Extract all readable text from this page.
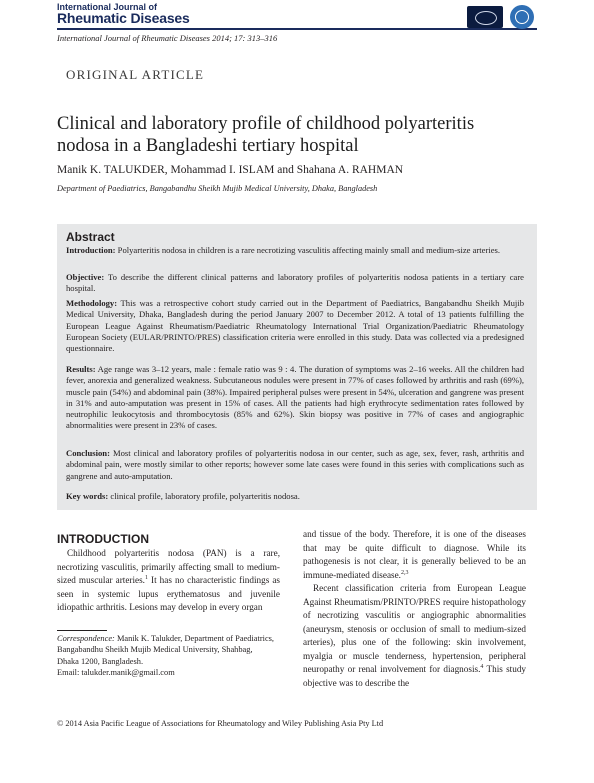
International Journal of
Rheumatic Diseases
International Journal of Rheumatic Diseases 2014; 17: 313–316
ORIGINAL ARTICLE
Clinical and laboratory profile of childhood polyarteritis
nodosa in a Bangladeshi tertiary hospital
Manik K. TALUKDER, Mohammad I. ISLAM and Shahana A. RAHMAN
Department of Paediatrics, Bangabandhu Sheikh Mujib Medical University, Dhaka, Bangladesh
Abstract
Introduction: Polyarteritis nodosa in children is a rare necrotizing vasculitis affecting mainly small and medium-size arteries.
Objective: To describe the different clinical patterns and laboratory profiles of polyarteritis nodosa patients in a tertiary care hospital.
Methodology: This was a retrospective cohort study carried out in the Department of Paediatrics, Bangabandhu Sheikh Mujib Medical University, Dhaka, Bangladesh during the period January 2007 to December 2012. A total of 13 patients fulfilling the European League Against Rheumatism/Paediatric Rheumatology International Trial Organization/Paediatric Rheumatology European Society (EULAR/PRINTO/PRES) classification criteria were enrolled in this study. Data was collected via a predesigned questionnaire.
Results: Age range was 3–12 years, male : female ratio was 9 : 4. The duration of symptoms was 2–16 weeks. All the children had fever, anorexia and generalized weakness. Subcutaneous nodules were present in 77% of cases followed by arthritis and rash (69%), muscle pain (54%) and abdominal pain (38%). Impaired peripheral pulses were present in 54%, ulceration and gangrene was present in 31% and auto-amputation was present in 15% of cases. All the patients had high erythrocyte sedimentation rates followed by neutrophilic leukocytosis and thrombocytosis (85% and 62%). Skin biopsy was positive in 77% of cases and angiographic abnormalities were present in 23% of cases.
Conclusion: Most clinical and laboratory profiles of polyarteritis nodosa in our center, such as age, sex, fever, rash, arthritis and abdominal pain, were mostly similar to other reports; however some late cases were found in this series with complications such as gangrene and auto-amputation.
Key words: clinical profile, laboratory profile, polyarteritis nodosa.
INTRODUCTION
Childhood polyarteritis nodosa (PAN) is a rare, necrotizing vasculitis, primarily affecting small to medium-sized muscular arteries.$^1$ It has no characteristic findings as seen in systemic lupus erythematosus and juvenile idiopathic arthritis. Lesions may develop in every organ
and tissue of the body. Therefore, it is one of the diseases that may be quite difficult to diagnose. While its pathogenesis is not clear, it is generally believed to be an immune-mediated disease.$^{2,3}$
Recent classification criteria from European League Against Rheumatism/PRINTO/PRES require histopathology of necrotizing vasculitis or angiographic abnormalities (aneurysm, stenosis or occlusion of small to medium-sized arteries), plus one of the following: skin involvement, myalgia or muscle tenderness, hypertension, peripheral neuropathy or renal involvement for diagnosis.$^4$ This study objective was to describe the
Correspondence: Manik K. Talukder, Department of Paediatrics,
Bangabandhu Sheikh Mujib Medical University, Shahbag,
Dhaka 1200, Bangladesh.
Email: talukder.manik@gmail.com
© 2014 Asia Pacific League of Associations for Rheumatology and Wiley Publishing Asia Pty Ltd
